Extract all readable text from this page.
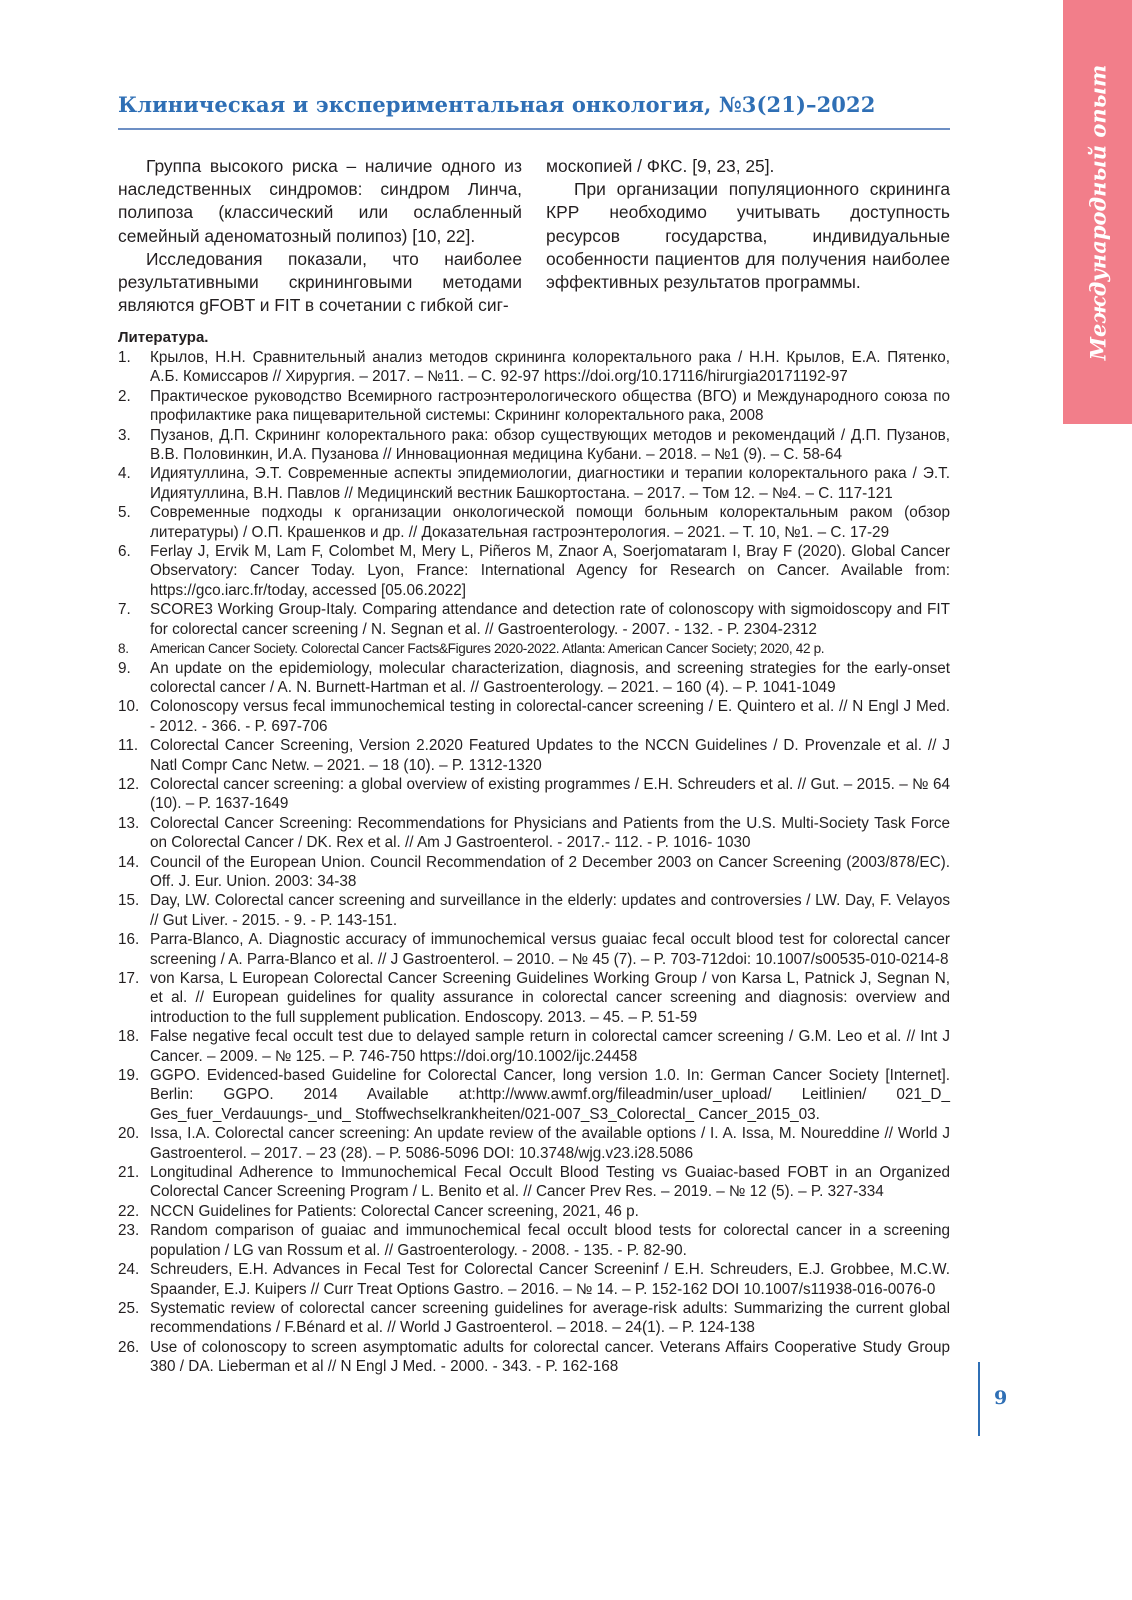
Клиническая и экспериментальная онкология, №3(21)–2022	Международный опыт

Группа высокого риска – наличие одного из наследственных синдромов: синдром Линча, полипоза (классический или ослабленный семейный аденоматозный полипоз) [10, 22].

Исследования показали, что наиболее результативными скрининговыми методами являются gFOBT и FIT в сочетании с гибкой сиг-

москопией / ФКС. [9, 23, 25].

При организации популяционного скрининга КРР необходимо учитывать доступность ресурсов государства, индивидуальные особенности пациентов для получения наиболее эффективных результатов программы.

Литература.
1. Крылов, Н.Н. Сравнительный анализ методов скрининга колоректального рака / Н.Н. Крылов, Е.А. Пятенко, А.Б. Комиссаров // Хирургия. – 2017. – №11. – С. 92-97 https://doi.org/10.17116/hirurgia20171192-97
2. Практическое руководство Всемирного гастроэнтерологического общества (ВГО) и Международного союза по профилактике рака пищеварительной системы: Скрининг колоректального рака, 2008
3. Пузанов, Д.П. Скрининг колоректального рака: обзор существующих методов и рекомендаций / Д.П. Пузанов, В.В. Половинкин, И.А. Пузанова // Инновационная медицина Кубани. – 2018. – №1 (9). – С. 58-64
4. Идиятуллина, Э.Т. Современные аспекты эпидемиологии, диагностики и терапии колоректального рака / Э.Т. Идиятуллина, В.Н. Павлов // Медицинский вестник Башкортостана. – 2017. – Том 12. – №4. – С. 117-121
5. Современные подходы к организации онкологической помощи больным колоректальным раком (обзор литературы) / О.П. Крашенков и др. // Доказательная гастроэнтерология. – 2021. – Т. 10, №1. – С. 17-29
6. Ferlay J, Ervik M, Lam F, Colombet M, Mery L, Piñeros M, Znaor A, Soerjomataram I, Bray F (2020). Global Cancer Observatory: Cancer Today. Lyon, France: International Agency for Research on Cancer. Available from: https://gco.iarc.fr/today, accessed [05.06.2022]
7. SCORE3 Working Group-Italy. Comparing attendance and detection rate of colonoscopy with sigmoidoscopy and FIT for colorectal cancer screening / N. Segnan et al. // Gastroenterology. - 2007. - 132. - P. 2304-2312
8. American Cancer Society. Colorectal Cancer Facts&Figures 2020-2022. Atlanta: American Cancer Society; 2020, 42 p.
9. An update on the epidemiology, molecular characterization, diagnosis, and screening strategies for the early-onset colorectal cancer / A. N. Burnett-Hartman et al. // Gastroenterology. – 2021. – 160 (4). – P. 1041-1049
10. Colonoscopy versus fecal immunochemical testing in colorectal-cancer screening / E. Quintero et al. // N Engl J Med. - 2012. - 366. - P. 697-706
11. Colorectal Cancer Screening, Version 2.2020 Featured Updates to the NCCN Guidelines / D. Provenzale et al. // J Natl Compr Canc Netw. – 2021. – 18 (10). – P. 1312-1320
12. Colorectal cancer screening: a global overview of existing programmes / E.H. Schreuders et al. // Gut. – 2015. – № 64 (10). – P. 1637-1649
13. Colorectal Cancer Screening: Recommendations for Physicians and Patients from the U.S. Multi-Society Task Force on Colorectal Cancer / DK. Rex et al. // Am J Gastroenterol. - 2017.- 112. - P. 1016- 1030
14. Council of the European Union. Council Recommendation of 2 December 2003 on Cancer Screening (2003/878/EC). Off. J. Eur. Union. 2003: 34-38
15. Day, LW. Colorectal cancer screening and surveillance in the elderly: updates and controversies / LW. Day, F. Velayos // Gut Liver. - 2015. - 9. - P. 143-151.
16. Parra-Blanco, A. Diagnostic accuracy of immunochemical versus guaiac fecal occult blood test for colorectal cancer screening / A. Parra-Blanco et al. // J Gastroenterol. – 2010. – № 45 (7). – P. 703-712doi: 10.1007/s00535-010-0214-8
17. von Karsa, L European Colorectal Cancer Screening Guidelines Working Group / von Karsa L, Patnick J, Segnan N, et al. // European guidelines for quality assurance in colorectal cancer screening and diagnosis: overview and introduction to the full supplement publication. Endoscopy. 2013. – 45. – P. 51-59
18. False negative fecal occult test due to delayed sample return in colorectal camcer screening / G.M. Leo et al. // Int J Cancer. – 2009. – № 125. – P. 746-750 https://doi.org/10.1002/ijc.24458
19. GGPO. Evidenced-based Guideline for Colorectal Cancer, long version 1.0. In: German Cancer Society [Internet]. Berlin: GGPO. 2014 Available at:http://www.awmf.org/fileadmin/user_upload/ Leitlinien/ 021_D_ Ges_fuer_Verdauungs-_und_ Stoffwechselkrankheiten/021-007_S3_Colorectal_ Cancer_2015_03.
20. Issa, I.A. Colorectal cancer screening: An update review of the available options / I. A. Issa, M. Noureddine // World J Gastroenterol. – 2017. – 23 (28). – P. 5086-5096 DOI: 10.3748/wjg.v23.i28.5086
21. Longitudinal Adherence to Immunochemical Fecal Occult Blood Testing vs Guaiac-based FOBT in an Organized Colorectal Cancer Screening Program / L. Benito et al. // Cancer Prev Res. – 2019. – № 12 (5). – P. 327-334
22. NCCN Guidelines for Patients: Colorectal Cancer screening, 2021, 46 p.
23. Random comparison of guaiac and immunochemical fecal occult blood tests for colorectal cancer in a screening population / LG van Rossum et al. // Gastroenterology. - 2008. - 135. - P. 82-90.
24. Schreuders, E.H. Advances in Fecal Test for Colorectal Cancer Screeninf / E.H. Schreuders, E.J. Grobbee, M.C.W. Spaander, E.J. Kuipers // Curr Treat Options Gastro. – 2016. – № 14. – P. 152-162 DOI 10.1007/s11938-016-0076-0
25. Systematic review of colorectal cancer screening guidelines for average-risk adults: Summarizing the current global recommendations / F.Bénard et al. // World J Gastroenterol. – 2018. – 24(1). – P. 124-138
26. Use of colonoscopy to screen asymptomatic adults for colorectal cancer. Veterans Affairs Cooperative Study Group 380 / DA. Lieberman et al // N Engl J Med. - 2000. - 343. - P. 162-168
9
